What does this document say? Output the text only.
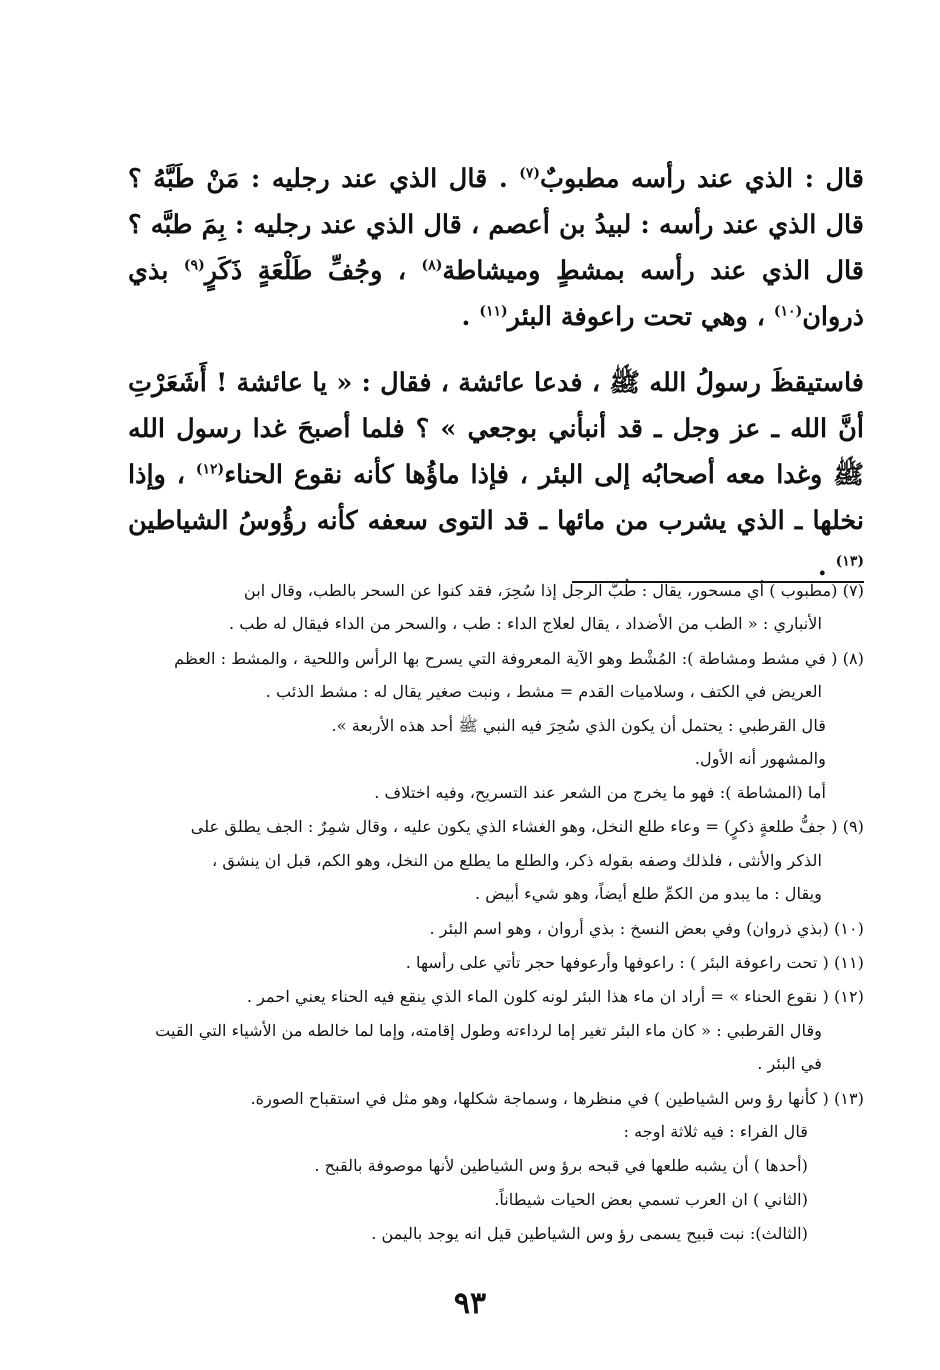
قال : الذي عند رأسه مطبوبٌ$^{(٧)}$ . قال الذي عند رجليه : مَنْ طَبَّهُ ؟ قال الذي عند رأسه : لبيدُ بن أعصم ، قال الذي عند رجليه : بِمَ طبَّه ؟ قال الذي عند رأسه بمشطٍ وميشاطة$^{(٨)}$ ، وجُفِّ طَلْعَةٍ ذَكَرٍ$^{(٩)}$ بذي ذروان$^{(١٠)}$ ، وهي تحت راعوفة البئر$^{(١١)}$ .

فاستيقظَ رسولُ الله ﷺ ، فدعا عائشة ، فقال : « يا عائشة ! أَشَعَرْتِ أنَّ الله ـ عز وجل ـ قد أنبأني بوجعي » ؟ فلما أصبحَ غدا رسول الله ﷺ وغدا معه أصحابُه إلى البئر ، فإذا ماؤُها كأنه نقوع الحناء$^{(١٢)}$ ، وإذا نخلها ـ الذي يشرب من مائها ـ قد التوى سعفه كأنه رؤُوسُ الشياطين $^{(١٣)}$ .

(٧) (مطبوب ) أي مسحور، يقال : طُبَّ الرجل إذا سُحِرَ، فقد كنوا عن السحر بالطب، وقال ابن

الأنباري : « الطب من الأضداد ، يقال لعلاج الداء : طب ، والسحر من الداء فيقال له طب .

(٨) ( في مشط ومشاطة ): المُشْط وهو الآية المعروفة التي يسرح بها الرأس واللحية ، والمشط : العظم

العريض في الكتف ، وسلاميات القدم = مشط ، ونبت صغير يقال له : مشط الذئب .

قال القرطبي : يحتمل أن يكون الذي سُحِرَ فيه النبي ﷺ أحد هذه الأربعة ».

والمشهور أنه الأول.

أما (المشاطة ): فهو ما يخرج من الشعر عند التسريح، وفيه اختلاف .

(٩) ( جفُّ طلعةٍ ذكرٍ) = وعاء طلع النخل، وهو الغشاء الذي يكون عليه ، وقال شمِرٌ : الجف يطلق على

الذكر والأنثى ، فلذلك وصفه بقوله ذكر، والطلع ما يطلع من النخل، وهو الكم، قبل ان ينشق ،

ويقال : ما يبدو من الكمِّ طلع أيضاً، وهو شيء أبيض .

(١٠) (بذي ذروان) وفي بعض النسخ : بذي أروان ، وهو اسم البئر .

(١١) ( تحت راعوفة البئر ) : راعوفها وأرعوفها حجر تأتي على رأسها .

(١٢) ( نقوع الحناء » = أراد ان ماء هذا البئر لونه كلون الماء الذي ينقع فيه الحناء يعني احمر .

وقال القرطبي : « كان ماء البئر تغير إما لرداءته وطول إقامته، وإما لما خالطه من الأشياء التي القيت

في البئر .

(١٣) ( كأنها رؤ وس الشياطين ) في منظرها ، وسماجة شكلها، وهو مثل في استقباح الصورة.

قال الفراء : فيه ثلاثة اوجه :

(أحدها ) أن يشبه طلعها في قبحه برؤ وس الشياطين لأنها موصوفة بالقبح .

(الثاني ) ان العرب تسمي بعض الحيات شيطاناً.

(الثالث): نبت قبيح يسمى رؤ وس الشياطين قيل انه يوجد باليمن .

٩٣
